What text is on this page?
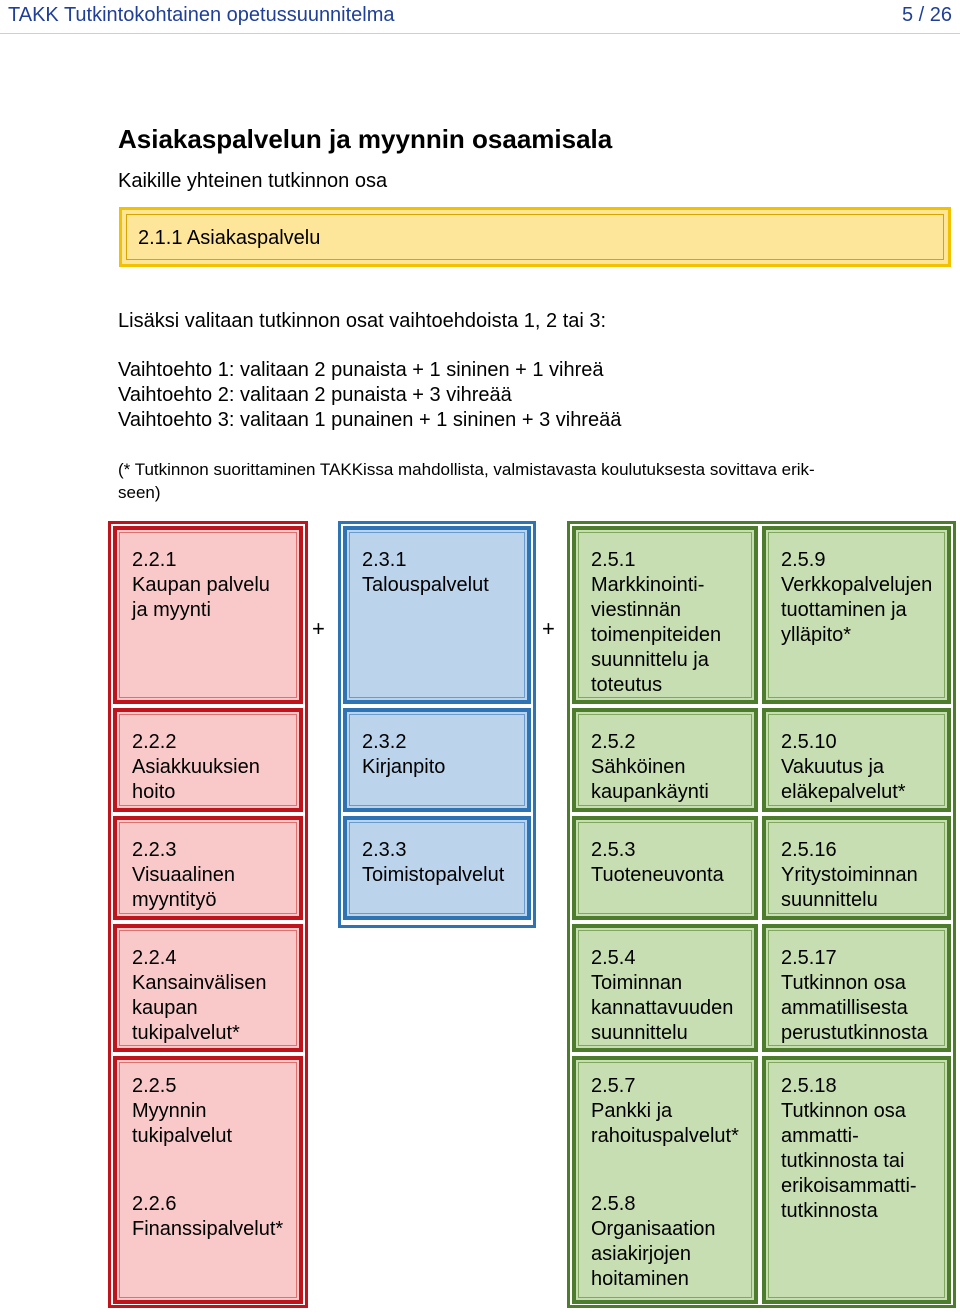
TAKK Tutkintokohtainen opetussuunnitelma	5 / 26
Asiakaspalvelun ja myynnin osaamisala
Kaikille yhteinen tutkinnon osa
2.1.1 Asiakaspalvelu
Lisäksi valitaan tutkinnon osat vaihtoehdoista 1, 2 tai 3:
Vaihtoehto 1: valitaan 2 punaista + 1 sininen + 1 vihreä
Vaihtoehto 2: valitaan 2 punaista + 3 vihreää
Vaihtoehto 3: valitaan 1 punainen + 1 sininen + 3 vihreää
(* Tutkinnon suorittaminen TAKKissa mahdollista, valmistavasta koulutuksesta sovittava erik-
seen)
+	+
2.2.1
Kaupan palvelu
ja myynti
2.2.2
Asiakkuuksien
hoito
2.2.3
Visuaalinen
myyntityö
2.2.4
Kansainvälisen
kaupan
tukipalvelut*
2.2.5
Myynnin
tukipalvelut
2.2.6
Finanssipalvelut*
2.3.1
Talouspalvelut
2.3.2
Kirjanpito
2.3.3
Toimistopalvelut
2.5.1
Markkinointi-
viestinnän
toimenpiteiden
suunnittelu ja
toteutus
2.5.2
Sähköinen
kaupankäynti
2.5.3
Tuoteneuvonta
2.5.4
Toiminnan
kannattavuuden
suunnittelu
2.5.7
Pankki ja
rahoituspalvelut*
2.5.8
Organisaation
asiakirjojen
hoitaminen
2.5.9
Verkkopalvelujen
tuottaminen ja
ylläpito*
2.5.10
Vakuutus ja
eläkepalvelut*
2.5.16
Yritystoiminnan
suunnittelu
2.5.17
Tutkinnon osa
ammatillisesta
perustutkinnosta
2.5.18
Tutkinnon osa
ammatti-
tutkinnosta tai
erikoisammatti-
tutkinnosta
